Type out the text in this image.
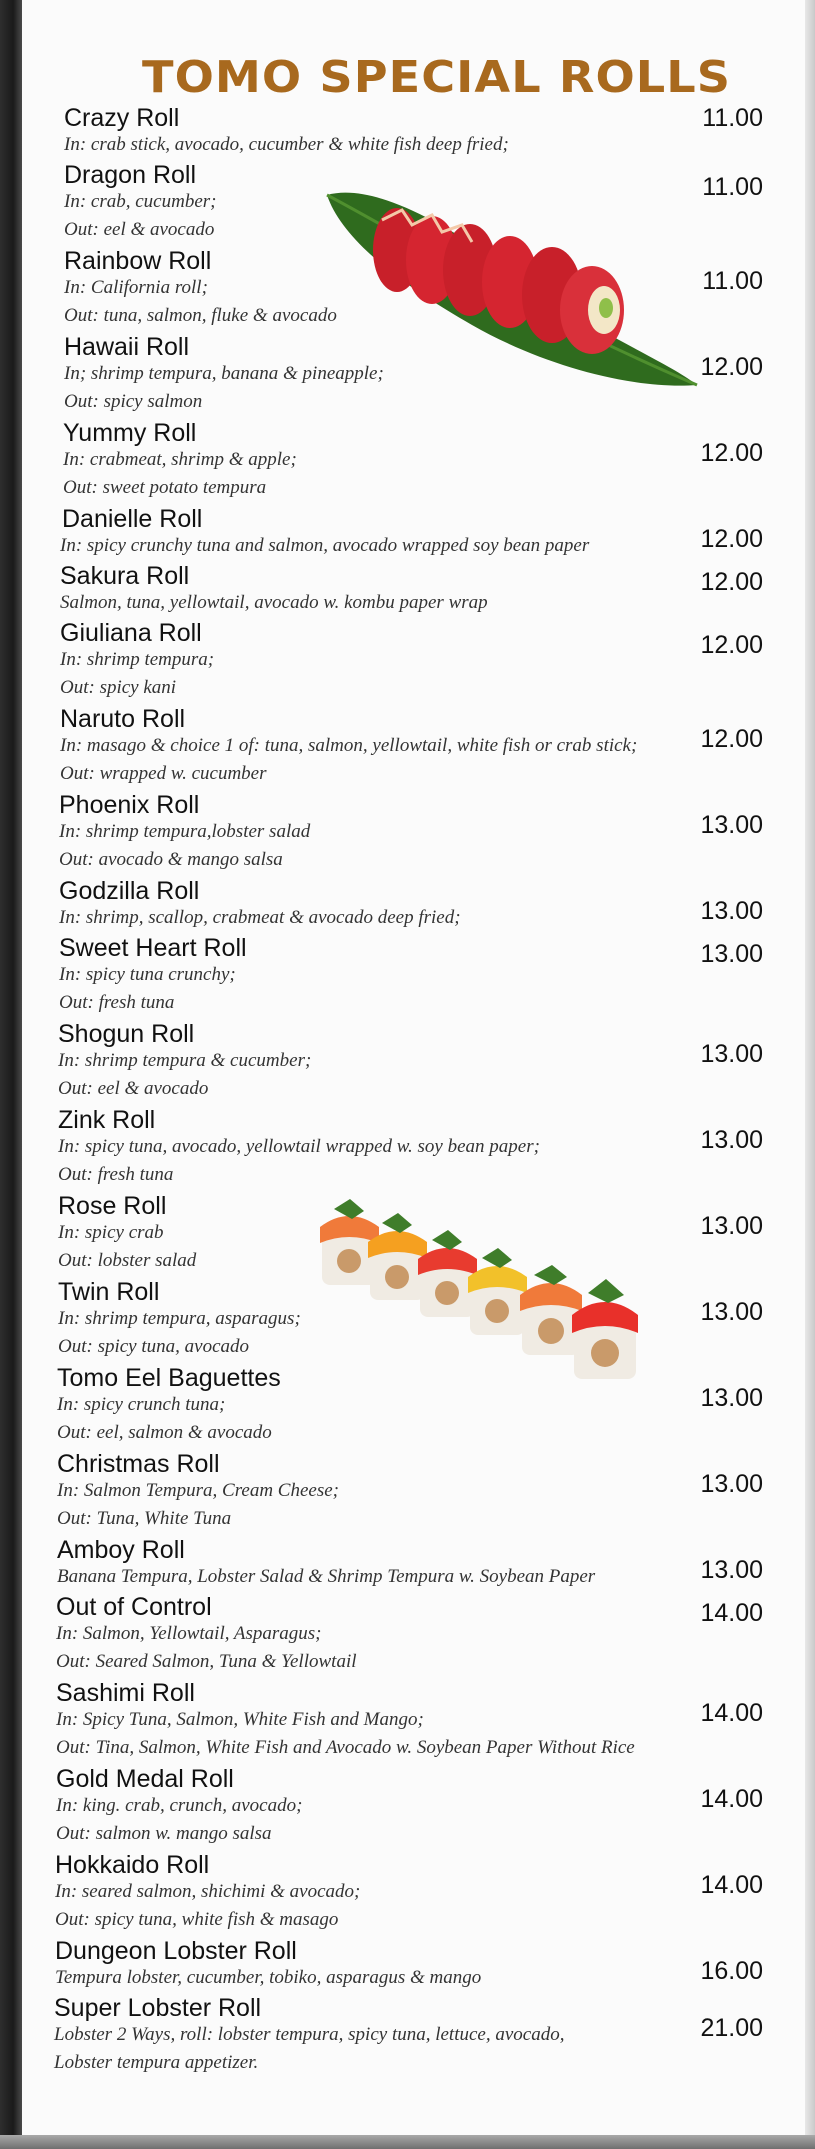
TOMO SPECIAL ROLLS
Crazy Roll
In: crab stick, avocado, cucumber & white fish deep fried;
11.00
Dragon Roll
In: crab, cucumber;
Out: eel & avocado
11.00
Rainbow Roll
In: California roll;
Out: tuna, salmon, fluke & avocado
11.00
Hawaii Roll
In; shrimp tempura, banana & pineapple;
Out: spicy salmon
12.00
Yummy Roll
In: crabmeat, shrimp & apple;
Out: sweet potato tempura
12.00
Danielle Roll
In: spicy crunchy tuna and salmon, avocado wrapped soy bean paper	12.00
Sakura Roll
Salmon, tuna, yellowtail, avocado w. kombu paper wrap
12.00
Giuliana Roll
In: shrimp tempura;
Out: spicy kani
12.00
Naruto Roll
In: masago & choice 1 of: tuna, salmon, yellowtail, white fish or crab stick;
Out: wrapped w. cucumber
12.00
Phoenix Roll
In: shrimp tempura,lobster salad
Out: avocado & mango salsa
13.00
Godzilla Roll
In: shrimp, scallop, crabmeat & avocado deep fried;	13.00
Sweet Heart Roll
In: spicy tuna crunchy;
Out: fresh tuna
13.00
Shogun Roll
In: shrimp tempura & cucumber;
Out: eel & avocado
13.00
Zink Roll
In: spicy tuna, avocado, yellowtail wrapped w. soy bean paper;
Out: fresh tuna
13.00
Rose Roll
In: spicy crab
Out: lobster salad
13.00
Twin Roll
In: shrimp tempura, asparagus;
Out: spicy tuna, avocado
13.00
Tomo Eel Baguettes
In: spicy crunch tuna;
Out: eel, salmon & avocado
13.00
Christmas Roll
In: Salmon Tempura, Cream Cheese;
Out: Tuna, White Tuna
13.00
Amboy Roll
Banana Tempura, Lobster Salad & Shrimp Tempura w. Soybean Paper	13.00
Out of Control
In: Salmon, Yellowtail, Asparagus;
Out: Seared Salmon, Tuna & Yellowtail
14.00
Sashimi Roll
In: Spicy Tuna, Salmon, White Fish and Mango;
Out: Tina, Salmon, White Fish and Avocado w. Soybean Paper Without Rice
14.00
Gold Medal Roll
In: king. crab, crunch, avocado;
Out: salmon w. mango salsa
14.00
Hokkaido Roll
In: seared salmon, shichimi & avocado;
Out: spicy tuna, white fish & masago
14.00
Dungeon Lobster Roll
Tempura lobster, cucumber, tobiko, asparagus & mango	16.00
Super Lobster Roll
Lobster 2 Ways, roll: lobster tempura, spicy tuna, lettuce, avocado,
Lobster tempura appetizer.
21.00
